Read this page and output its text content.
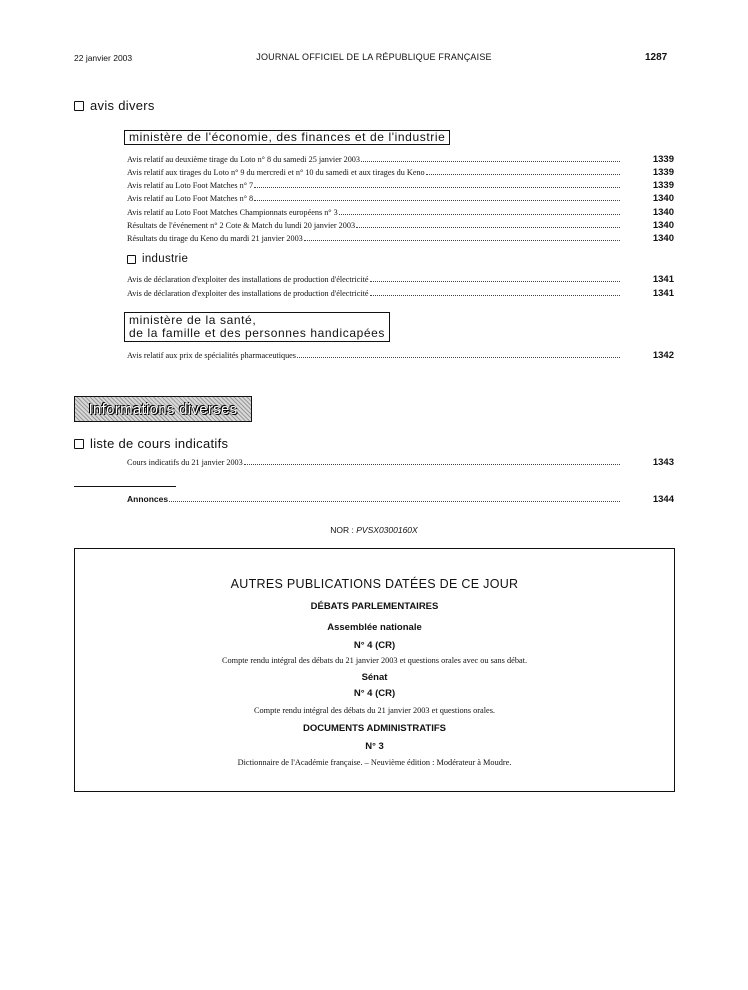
22 janvier 2003	JOURNAL OFFICIEL DE LA RÉPUBLIQUE FRANÇAISE	1287
avis divers
ministère de l'économie, des finances et de l'industrie
Avis relatif au deuxième tirage du Loto n° 8 du samedi 25 janvier 2003	1339
Avis relatif aux tirages du Loto n° 9 du mercredi et n° 10 du samedi et aux tirages du Keno	1339
Avis relatif au Loto Foot Matches n° 7	1339
Avis relatif au Loto Foot Matches n° 8	1340
Avis relatif au Loto Foot Matches Championnats européens n° 3	1340
Résultats de l'événement n° 2 Cote & Match du lundi 20 janvier 2003	1340
Résultats du tirage du Keno du mardi 21 janvier 2003	1340
industrie
Avis de déclaration d'exploiter des installations de production d'électricité	1341
Avis de déclaration d'exploiter des installations de production d'électricité	1341
ministère de la santé,
de la famille et des personnes handicapées
Avis relatif aux prix de spécialités pharmaceutiques	1342
Informations diverses
liste de cours indicatifs
Cours indicatifs du 21 janvier 2003	1343
Annonces	1344
NOR : PVSX0300160X
AUTRES PUBLICATIONS DATÉES DE CE JOUR
DÉBATS PARLEMENTAIRES
Assemblée nationale
N° 4 (CR)
Compte rendu intégral des débats du 21 janvier 2003 et questions orales avec ou sans débat.
Sénat
N° 4 (CR)
Compte rendu intégral des débats du 21 janvier 2003 et questions orales.
DOCUMENTS ADMINISTRATIFS
N° 3
Dictionnaire de l'Académie française. – Neuvième édition : Modérateur à Moudre.
